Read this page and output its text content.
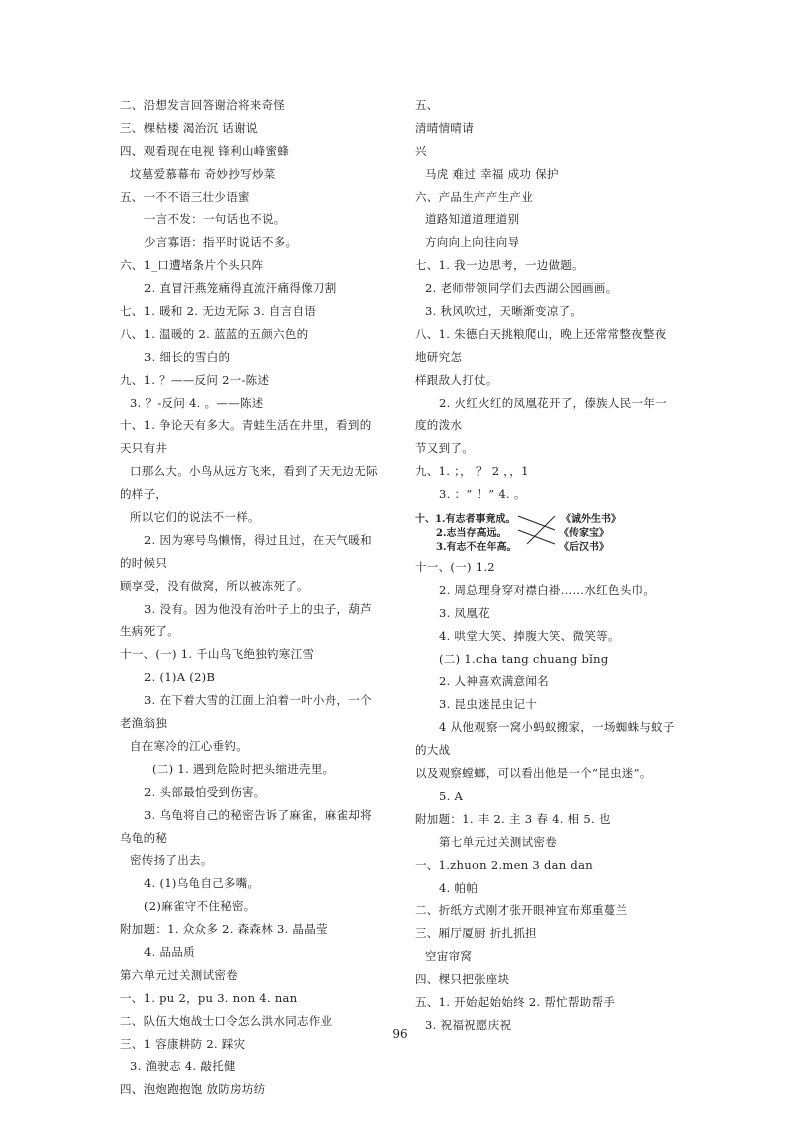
二、沿想发言回答谢洽将来奇怪
三、棵枯楼 渴治沉 话谢说
四、观看现在电视 锋利山峰蜜蜂
坟墓爱慕幕布 奇妙抄写炒菜
五、一不不语三壮少语蜜
一言不发：一句话也不说。
少言寡语：指平时说话不多。
六、1_口遭堵条片个头只阵
2. 直冒汗燕笼痛得直流汗痛得像刀割
七、1. 暖和 2. 无边无际 3. 自言自语
八、1. 温暖的 2. 蓝蓝的五颜六色的
3. 细长的雪白的
九、1. ？——反问 2一-陈述
3. ？-反问 4. 。——陈述
十、1. 争论天有多大。青蛙生活在井里，看到的
天只有井
口那么大。小鸟从远方飞来，看到了天无边无际
的样子，
所以它们的说法不一样。
2. 因为寒号鸟懒惰，得过且过，在天气暖和
的时候只
顾享受，没有做窝，所以被冻死了。
3. 没有。因为他没有治叶子上的虫子，葫芦
生病死了。
十一、(一) 1. 千山鸟飞绝独钓寒江雪
2. (1)A (2)B
3. 在下着大雪的江面上泊着一叶小舟，一个
老渔翁独
自在寒冷的江心垂钓。
(二) 1. 遇到危险时把头缩进壳里。
2. 头部最怕受到伤害。
3. 乌龟将自己的秘密告诉了麻雀，麻雀却将
乌龟的秘
密传扬了出去。
4. (1)乌龟自己多嘴。
(2)麻雀守不住秘密。
附加题：1. 众众多 2. 森森林 3. 晶晶莹
4. 品品质
第六单元过关测试密卷
一、1. pu 2，pu 3. non 4. nan
二、队伍大炮战士口令怎么洪水同志作业
三、1 容康耕防 2. 踩灾
3. 渔驶志 4. 敲托健
四、泡炮跑抱饱 放防房坊纺
五、
清晴情晴请
兴
马虎 难过 幸福 成功 保护
六、产品生产产生产业
道路知道道理道别
方向向上向往向导
七、1. 我一边思考，一边做题。
2. 老师带领同学们去西湖公园画画。
3. 秋风吹过，天晰渐变凉了。
八、1. 朱德白天挑粮爬山，晚上还常常整夜整夜
地研究怎
样跟敌人打仗。
2. 火红火红的凤凰花开了，傣族人民一年一
度的泼水
节又到了。
九、1. ；， ？ 2 ，，1
3. ：“ ！” 4. 。
十、1.有志者事竟成。
2.志当存高远。
3.有志不在年高。
《诚外生书》
《传家宝》
《后汉书》
十一、(一) 1.2
2. 周总理身穿对襟白褂……水红色头巾。
3. 凤凰花
4. 哄堂大笑、捧腹大笑、微笑等。
(二) 1.cha tang chuang bǐng
2. 人神喜欢满意闻名
3. 昆虫迷昆虫记十
4 从他观察一窝小蚂蚁搬家，一场蜘蛛与蚊子
的大战
以及观察螳螂，可以看出他是一个“昆虫迷”。
5. A
附加题：1. 丰 2. 主 3 春 4. 相 5. 也
第七单元过关测试密卷
一、1.zhuon 2.men 3 dan dan
4. 帕帕
二、折纸方式刚才张开眼神宜布郑重蔓兰
三、厢厅厦厨 折扎抓担
空宙帘窝
四、棵只把张座块
五、1. 开始起始始终 2. 帮忙帮助帮手
3. 祝福祝愿庆祝
96
